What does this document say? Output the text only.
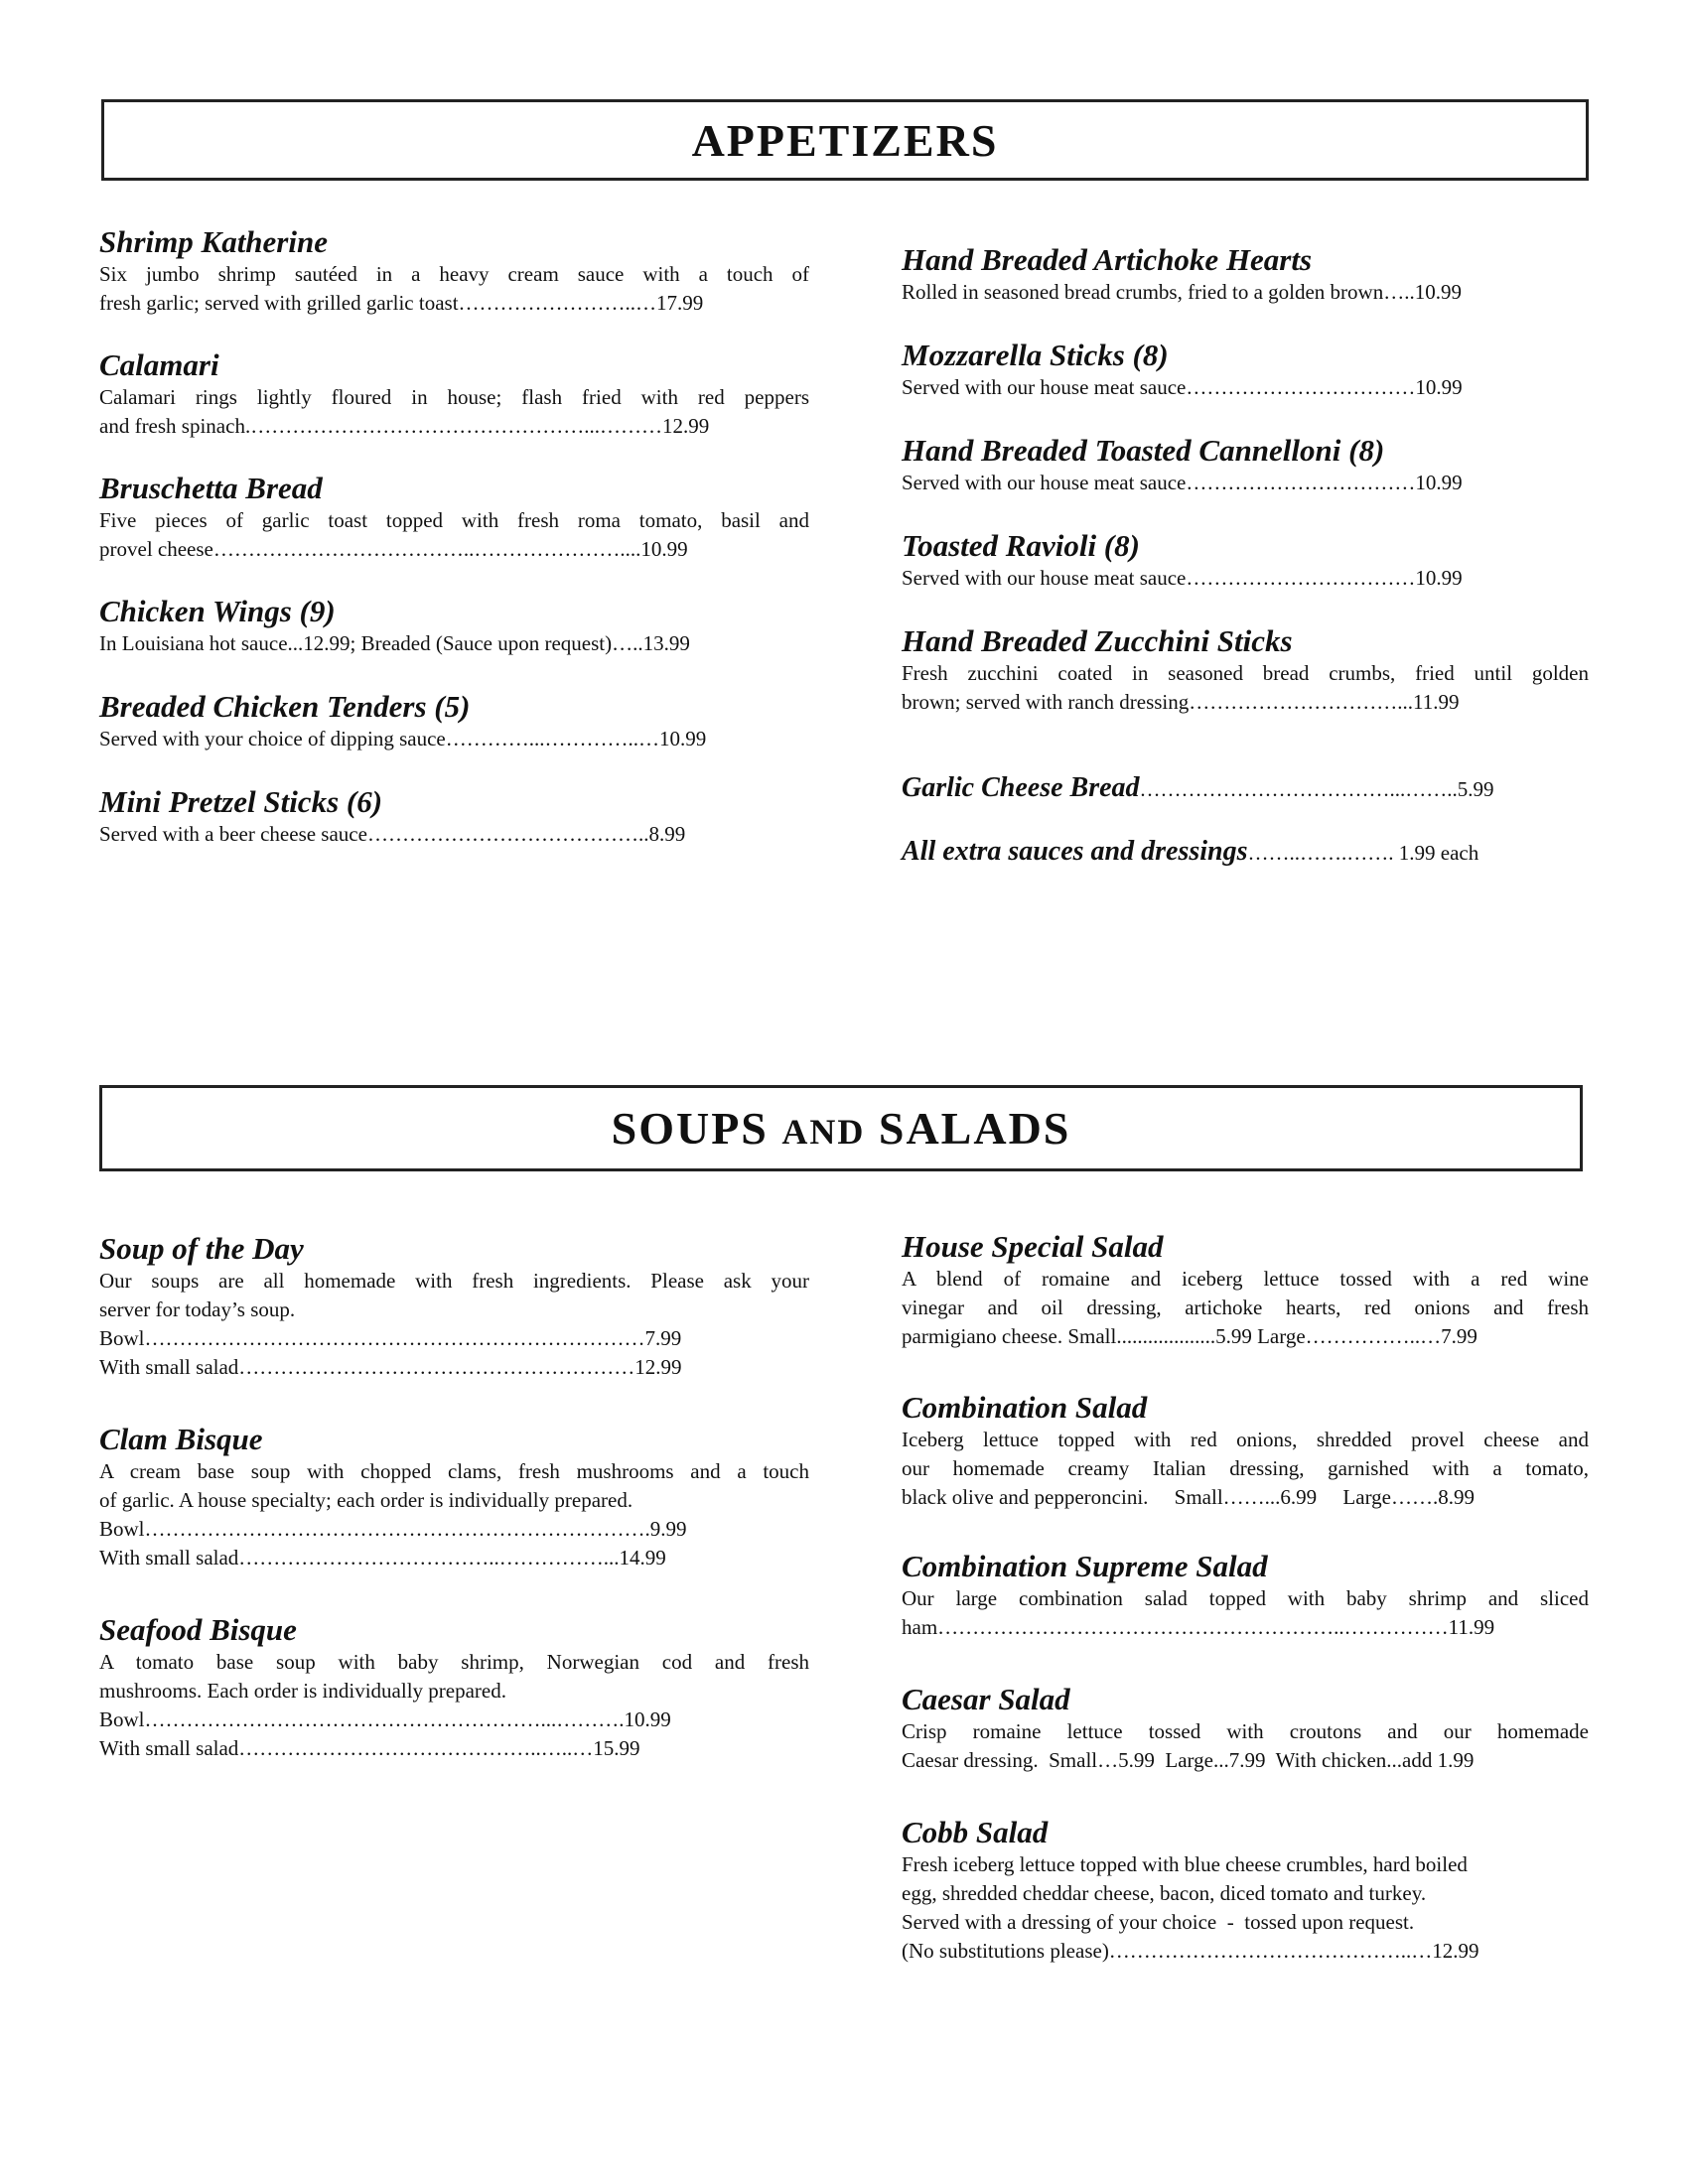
APPETIZERS

Shrimp Katherine

Six jumbo shrimp sautéed in a heavy cream sauce with a touch of

fresh garlic; served with grilled garlic toast……………………..…17.99

Calamari

Calamari rings lightly floured in house; flash fried with red peppers

and fresh spinach.…………………………………………...………12.99

Bruschetta Bread

Five pieces of garlic toast topped with fresh roma tomato, basil and

provel cheese………………………………..…………………....10.99

Chicken Wings (9)

In Louisiana hot sauce...12.99; Breaded (Sauce upon request)…..13.99

Breaded Chicken Tenders (5)

Served with your choice of dipping sauce…………...…………..…10.99

Mini Pretzel Sticks (6)

Served with a beer cheese sauce…………………………………..8.99

Hand Breaded Artichoke Hearts

Rolled in seasoned bread crumbs, fried to a golden brown…..10.99

Mozzarella Sticks (8)

Served with our house meat sauce……………………………10.99

Hand Breaded Toasted Cannelloni (8)

Served with our house meat sauce……………………………10.99

Toasted Ravioli (8)

Served with our house meat sauce……………………………10.99

Hand Breaded Zucchini Sticks

Fresh zucchini coated in seasoned bread crumbs, fried until golden

brown; served with ranch dressing…………………………...11.99

Garlic Cheese Bread………………………………...……..5.99
All extra sauces and dressings……..…….……. 1.99 each
SOUPS AND SALADS

Soup of the Day

Our soups are all homemade with fresh ingredients. Please ask your

server for today’s soup.

Bowl………………………………………………………………7.99

With small salad…………………………………………………12.99

Clam Bisque

A cream base soup with chopped clams, fresh mushrooms and a touch

of garlic. A house specialty; each order is individually prepared.

Bowl……………………………………………………………….9.99

With small salad………………………………..……………...14.99

Seafood Bisque

A tomato base soup with baby shrimp, Norwegian cod and fresh

mushrooms. Each order is individually prepared.

Bowl…………………………………………………...……….10.99

With small salad……………………………………..…..…15.99

House Special Salad

A blend of romaine and iceberg lettuce tossed with a red wine

vinegar and oil dressing, artichoke hearts, red onions and fresh

parmigiano cheese. Small...................5.99 Large……………..…7.99

Combination Salad

Iceberg lettuce topped with red onions, shredded provel cheese and

our homemade creamy Italian dressing, garnished with a tomato,

black olive and pepperoncini.     Small……...6.99     Large…….8.99

Combination Supreme Salad

Our large combination salad topped with baby shrimp and sliced

ham…………………………………………………..……………11.99

Caesar Salad

Crisp romaine lettuce tossed with croutons and our homemade

Caesar dressing.  Small…5.99  Large...7.99  With chicken...add 1.99

Cobb Salad

Fresh iceberg lettuce topped with blue cheese crumbles, hard boiled

egg, shredded cheddar cheese, bacon, diced tomato and turkey.

Served with a dressing of your choice  -  tossed upon request.

(No substitutions please)……………………………………..…12.99
